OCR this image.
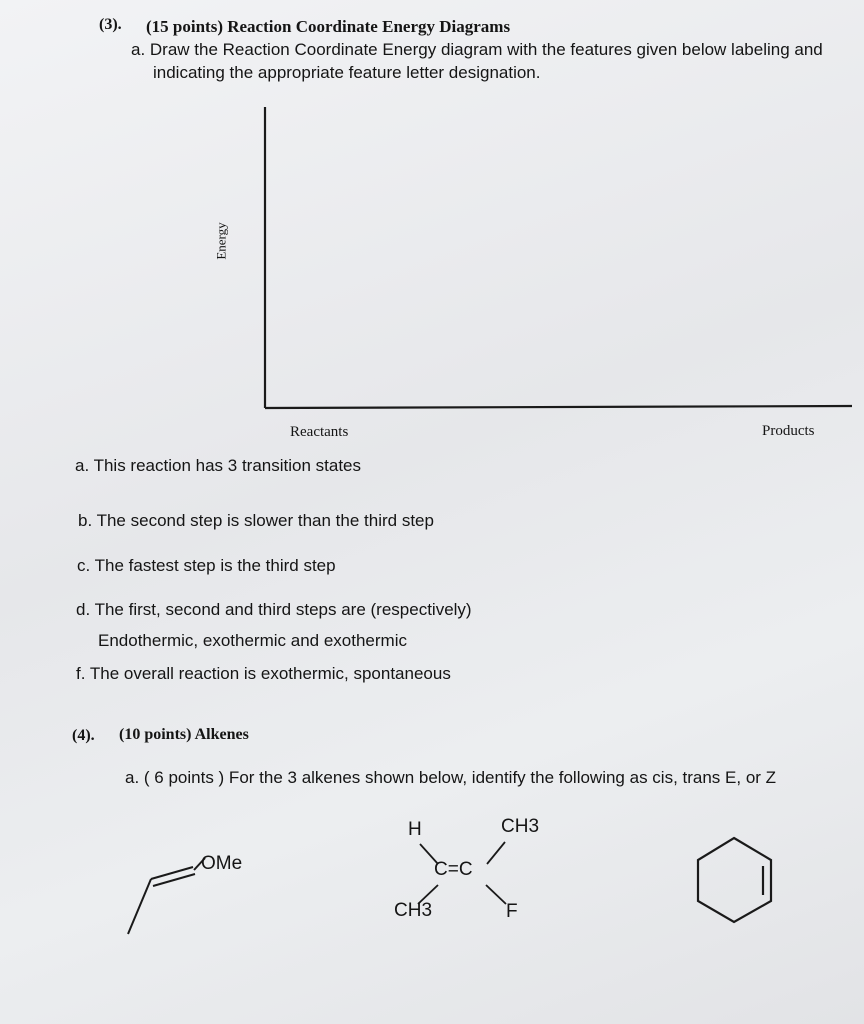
(3). (15 points) Reaction Coordinate Energy Diagrams
a. Draw the Reaction Coordinate Energy diagram with the features given below labeling and
indicating the appropriate feature letter designation.
Energy
Reactants	Products
a. This reaction has 3 transition states
b. The second step is slower than the third step
c. The fastest step is the third step
d. The first, second and third steps are (respectively)
Endothermic, exothermic and exothermic
f. The overall reaction is exothermic, spontaneous
(4). (10 points) Alkenes
a. ( 6 points ) For the 3 alkenes shown below, identify the following as cis, trans E, or Z
OMe
H	CH3
C=C
CH3	F
